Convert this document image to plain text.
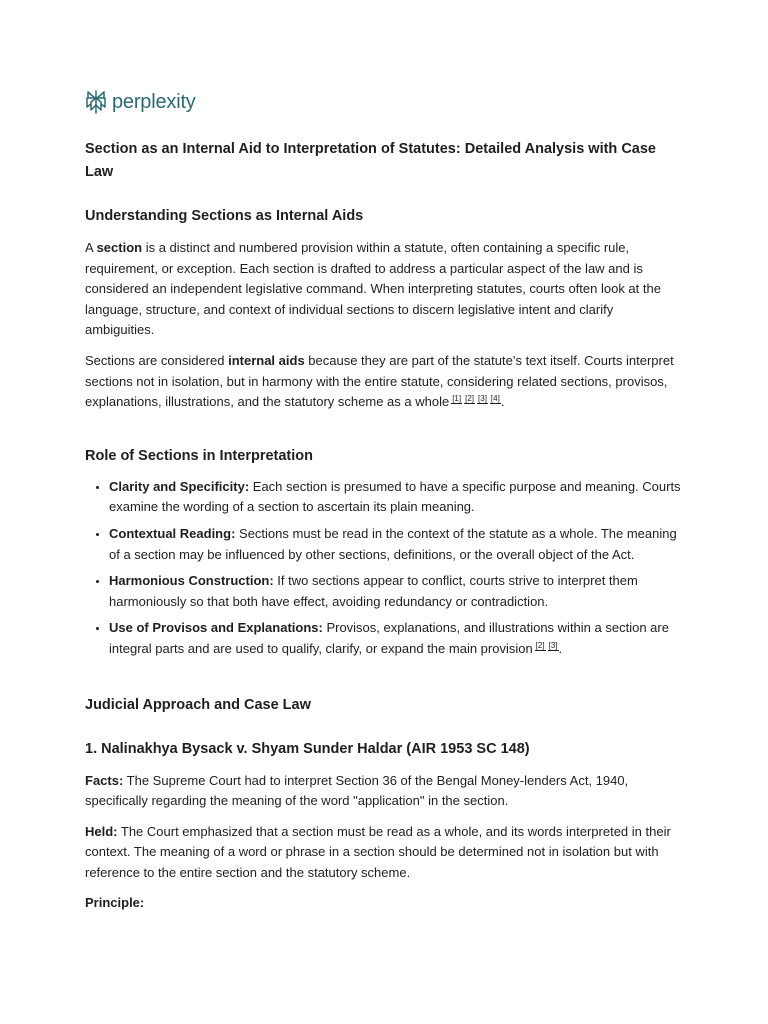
perplexity
Section as an Internal Aid to Interpretation of Statutes: Detailed Analysis with Case Law
Understanding Sections as Internal Aids

A section is a distinct and numbered provision within a statute, often containing a specific rule, requirement, or exception. Each section is drafted to address a particular aspect of the law and is considered an independent legislative command. When interpreting statutes, courts often look at the language, structure, and context of individual sections to discern legislative intent and clarify ambiguities.

Sections are considered internal aids because they are part of the statute’s text itself. Courts interpret sections not in isolation, but in harmony with the entire statute, considering related sections, provisos, explanations, illustrations, and the statutory scheme as a whole [1] [2] [3] [4].

Role of Sections in Interpretation
• Clarity and Specificity: Each section is presumed to have a specific purpose and meaning. Courts examine the wording of a section to ascertain its plain meaning.
• Contextual Reading: Sections must be read in the context of the statute as a whole. The meaning of a section may be influenced by other sections, definitions, or the overall object of the Act.
• Harmonious Construction: If two sections appear to conflict, courts strive to interpret them harmoniously so that both have effect, avoiding redundancy or contradiction.
• Use of Provisos and Explanations: Provisos, explanations, and illustrations within a section are integral parts and are used to qualify, clarify, or expand the main provision [2] [3].
Judicial Approach and Case Law
1. Nalinakhya Bysack v. Shyam Sunder Haldar (AIR 1953 SC 148)

Facts: The Supreme Court had to interpret Section 36 of the Bengal Money-lenders Act, 1940, specifically regarding the meaning of the word "application" in the section.

Held: The Court emphasized that a section must be read as a whole, and its words interpreted in their context. The meaning of a word or phrase in a section should be determined not in isolation but with reference to the entire section and the statutory scheme.

Principle:
